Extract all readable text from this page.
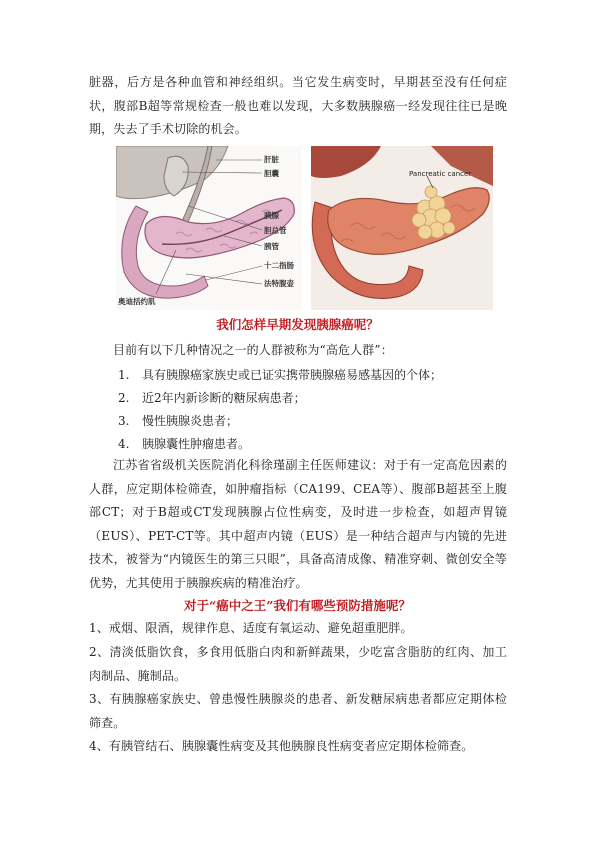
脏器，后方是各种血管和神经组织。当它发生病变时，早期甚至没有任何症状，腹部B超等常规检查一般也难以发现，大多数胰腺癌一经发现往往已是晚期，失去了手术切除的机会。

肝脏
胆囊
胰腺
胆总管
胰管
十二指肠
法特腹壶
奥迪括约肌
Pancreatic cancer

我们怎样早期发现胰腺癌呢？

目前有以下几种情况之一的人群被称为“高危人群”：

1. 具有胰腺癌家族史或已证实携带胰腺癌易感基因的个体；

2. 近2年内新诊断的糖尿病患者；

3. 慢性胰腺炎患者；

4. 胰腺囊性肿瘤患者。

江苏省省级机关医院消化科徐瑾副主任医师建议：对于有一定高危因素的人群，应定期体检筛查，如肿瘤指标（CA199、CEA等）、腹部B超甚至上腹部CT；对于B超或CT发现胰腺占位性病变，及时进一步检查，如超声胃镜（EUS）、PET-CT等。其中超声内镜（EUS）是一种结合超声与内镜的先进技术，被誉为“内镜医生的第三只眼”，具备高清成像、精准穿刺、微创安全等优势，尤其使用于胰腺疾病的精准治疗。

对于“癌中之王”我们有哪些预防措施呢？

1、戒烟、限酒，规律作息、适度有氧运动、避免超重肥胖。

2、清淡低脂饮食，多食用低脂白肉和新鲜蔬果，少吃富含脂肪的红肉、加工肉制品、腌制品。

3、有胰腺癌家族史、曾患慢性胰腺炎的患者、新发糖尿病患者都应定期体检筛查。

4、有胰管结石、胰腺囊性病变及其他胰腺良性病变者应定期体检筛查。
